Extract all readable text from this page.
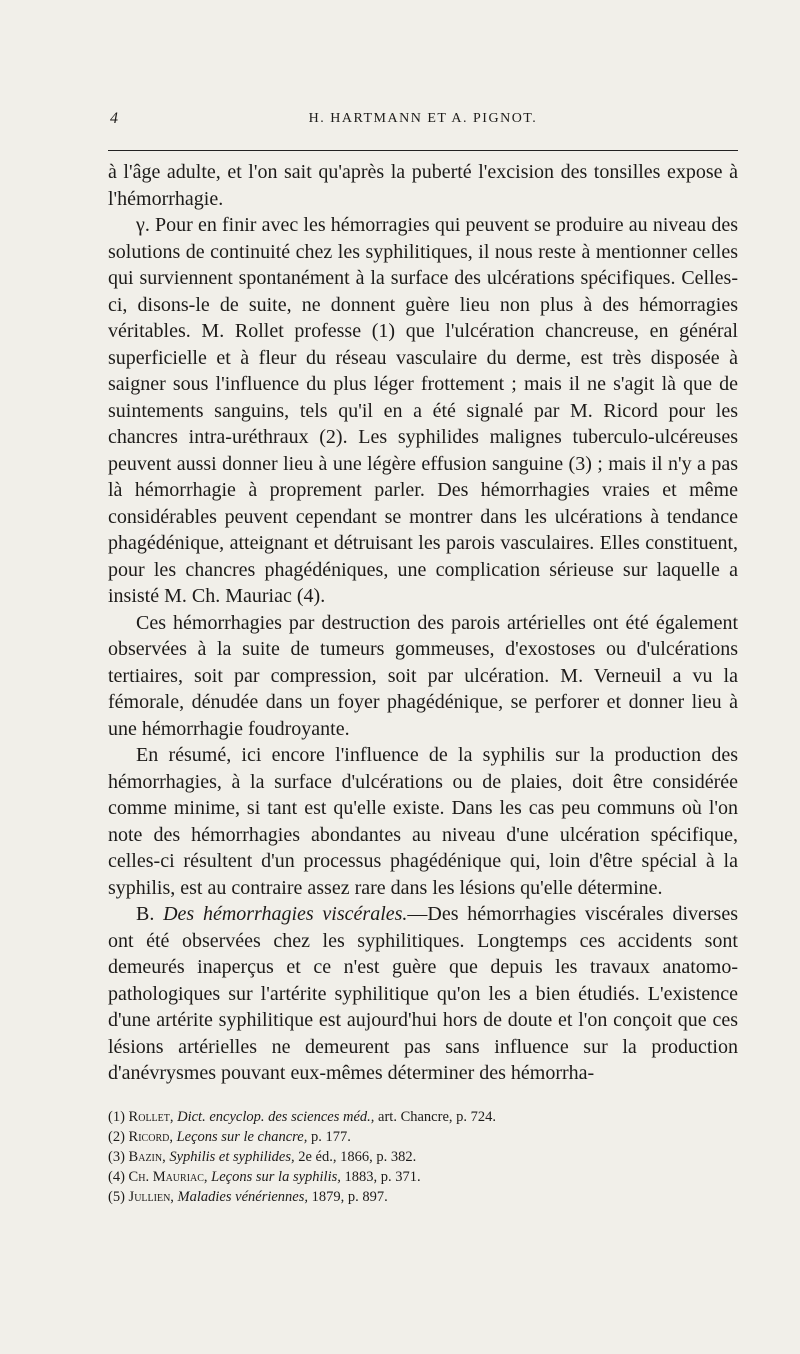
4	H. HARTMANN ET A. PIGNOT.

à l'âge adulte, et l'on sait qu'après la puberté l'excision des tonsilles expose à l'hémorrhagie.

γ. Pour en finir avec les hémorragies qui peuvent se produire au niveau des solutions de continuité chez les syphilitiques, il nous reste à mentionner celles qui surviennent spontanément à la surface des ulcérations spécifiques. Celles-ci, disons-le de suite, ne donnent guère lieu non plus à des hémorragies véritables. M. Rollet professe (1) que l'ulcération chancreuse, en général superficielle et à fleur du réseau vasculaire du derme, est très disposée à saigner sous l'influence du plus léger frottement ; mais il ne s'agit là que de suintements sanguins, tels qu'il en a été signalé par M. Ricord pour les chancres intra-uréthraux (2). Les syphilides malignes tuberculo-ulcéreuses peuvent aussi donner lieu à une légère effusion sanguine (3) ; mais il n'y a pas là hémorrhagie à proprement parler. Des hémorrhagies vraies et même considérables peuvent cependant se montrer dans les ulcérations à tendance phagédénique, atteignant et détruisant les parois vasculaires. Elles constituent, pour les chancres phagédéniques, une complication sérieuse sur laquelle a insisté M. Ch. Mauriac (4).

Ces hémorrhagies par destruction des parois artérielles ont été également observées à la suite de tumeurs gommeuses, d'exostoses ou d'ulcérations tertiaires, soit par compression, soit par ulcération. M. Verneuil a vu la fémorale, dénudée dans un foyer phagédénique, se perforer et donner lieu à une hémorrhagie foudroyante.

En résumé, ici encore l'influence de la syphilis sur la production des hémorrhagies, à la surface d'ulcérations ou de plaies, doit être considérée comme minime, si tant est qu'elle existe. Dans les cas peu communs où l'on note des hémorrhagies abondantes au niveau d'une ulcération spécifique, celles-ci résultent d'un processus phagédénique qui, loin d'être spécial à la syphilis, est au contraire assez rare dans les lésions qu'elle détermine.

B. Des hémorrhagies viscérales.—Des hémorrhagies viscérales diverses ont été observées chez les syphilitiques. Longtemps ces accidents sont demeurés inaperçus et ce n'est guère que depuis les travaux anatomo-pathologiques sur l'artérite syphilitique qu'on les a bien étudiés. L'existence d'une artérite syphilitique est aujourd'hui hors de doute et l'on conçoit que ces lésions artérielles ne demeurent pas sans influence sur la production d'anévrysmes pouvant eux-mêmes déterminer des hémorrha-

(1) Rollet, Dict. encyclop. des sciences méd., art. Chancre, p. 724.

(2) Ricord, Leçons sur le chancre, p. 177.

(3) Bazin, Syphilis et syphilides, 2e éd., 1866, p. 382.

(4) Ch. Mauriac, Leçons sur la syphilis, 1883, p. 371.

(5) Jullien, Maladies vénériennes, 1879, p. 897.
